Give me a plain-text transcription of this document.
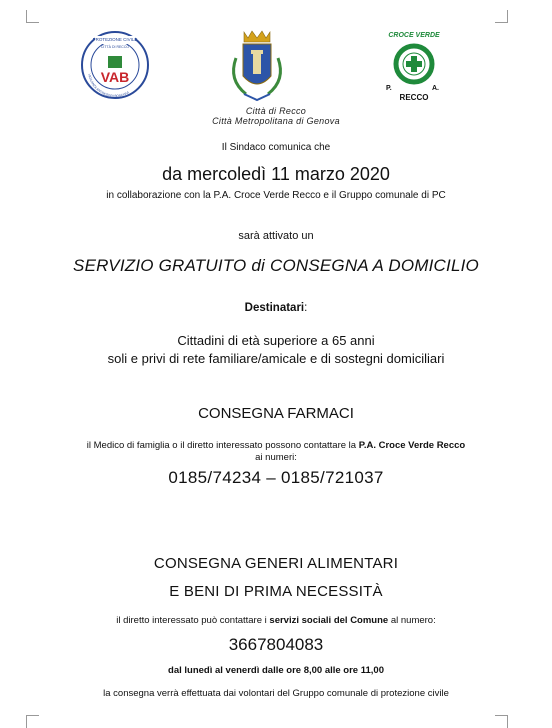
PROTEZIONE CIVILE
CITTÀ DI RECCO
VAB
VIGILANZA ANTINCENDI BOSCHIVI
CROCE VERDE
P.	A.
RECCO
Città di Recco
Città Metropolitana di Genova
Il Sindaco comunica che
da mercoledì 11 marzo 2020
in collaborazione con la P.A. Croce Verde Recco e il Gruppo comunale di PC
sarà attivato un
SERVIZIO GRATUITO di CONSEGNA A DOMICILIO
Destinatari:
Cittadini di età superiore a 65 anni
soli e privi di rete familiare/amicale e di sostegni domiciliari
CONSEGNA FARMACI
il Medico di famiglia o il diretto interessato possono contattare la P.A. Croce Verde Recco
ai numeri:
0185/74234 – 0185/721037
CONSEGNA GENERI ALIMENTARI
E BENI DI PRIMA NECESSITÀ
il diretto interessato può contattare i servizi sociali del Comune al numero:
3667804083
dal lunedì al venerdì dalle ore 8,00 alle ore 11,00
la consegna verrà effettuata dai volontari del Gruppo comunale di protezione civile
